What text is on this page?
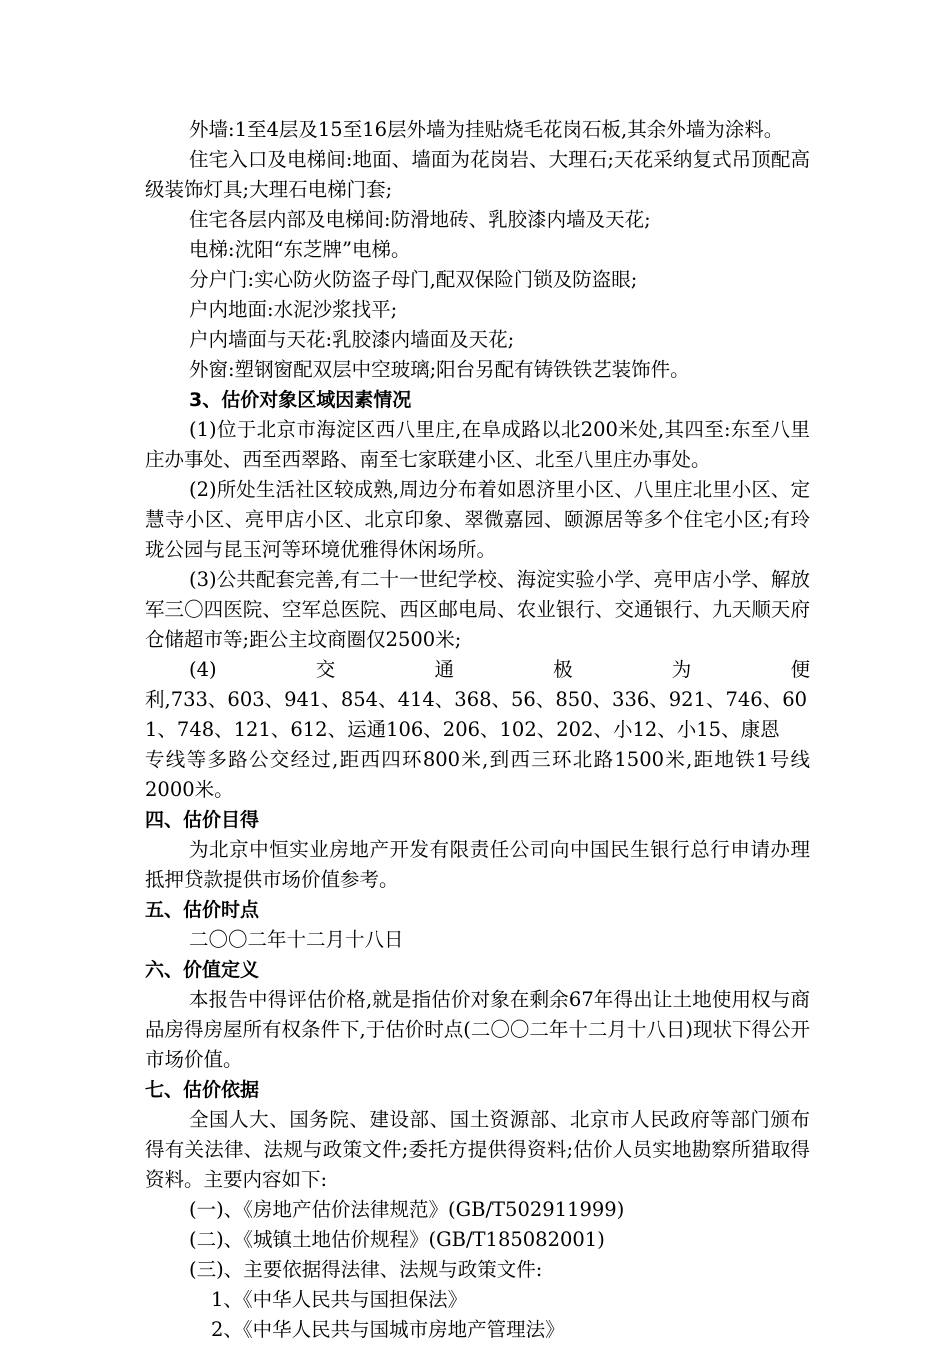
外墙:1至4层及15至16层外墙为挂贴烧毛花岗石板,其余外墙为涂料。

住宅入口及电梯间:地面、墙面为花岗岩、大理石;天花采纳复式吊顶配高级装饰灯具;大理石电梯门套;

住宅各层内部及电梯间:防滑地砖、乳胶漆内墙及天花;

电梯:沈阳“东芝牌”电梯。

分户门:实心防火防盗子母门,配双保险门锁及防盗眼;

户内地面:水泥沙浆找平;

户内墙面与天花:乳胶漆内墙面及天花;

外窗:塑钢窗配双层中空玻璃;阳台另配有铸铁铁艺装饰件。

3、估价对象区域因素情况

(1)位于北京市海淀区西八里庄,在阜成路以北200米处,其四至:东至八里庄办事处、西至西翠路、南至七家联建小区、北至八里庄办事处。

(2)所处生活社区较成熟,周边分布着如恩济里小区、八里庄北里小区、定慧寺小区、亮甲店小区、北京印象、翠微嘉园、颐源居等多个住宅小区;有玲珑公园与昆玉河等环境优雅得休闲场所。

(3)公共配套完善,有二十一世纪学校、海淀实验小学、亮甲店小学、解放军三〇四医院、空军总医院、西区邮电局、农业银行、交通银行、九天顺天府仓储超市等;距公主坟商圈仅2500米;

(4)	交	通	极	为	便
利,733、603、941、854、414、368、56、850、336、921、746、60
1、748、121、612、运通106、206、102、202、小12、小15、康恩

专线等多路公交经过,距西四环800米,到西三环北路1500米,距地铁1号线2000米。

四、估价目得

为北京中恒实业房地产开发有限责任公司向中国民生银行总行申请办理抵押贷款提供市场价值参考。

五、估价时点

二〇〇二年十二月十八日

六、价值定义

本报告中得评估价格,就是指估价对象在剩余67年得出让土地使用权与商品房得房屋所有权条件下,于估价时点(二〇〇二年十二月十八日)现状下得公开市场价值。

七、估价依据

全国人大、国务院、建设部、国土资源部、北京市人民政府等部门颁布得有关法律、法规与政策文件;委托方提供得资料;估价人员实地勘察所猎取得资料。主要内容如下:

(一)、《房地产估价法律规范》(GB/T502911999)

(二)、《城镇土地估价规程》(GB/T185082001)

(三)、主要依据得法律、法规与政策文件:

1、《中华人民共与国担保法》

2、《中华人民共与国城市房地产管理法》
